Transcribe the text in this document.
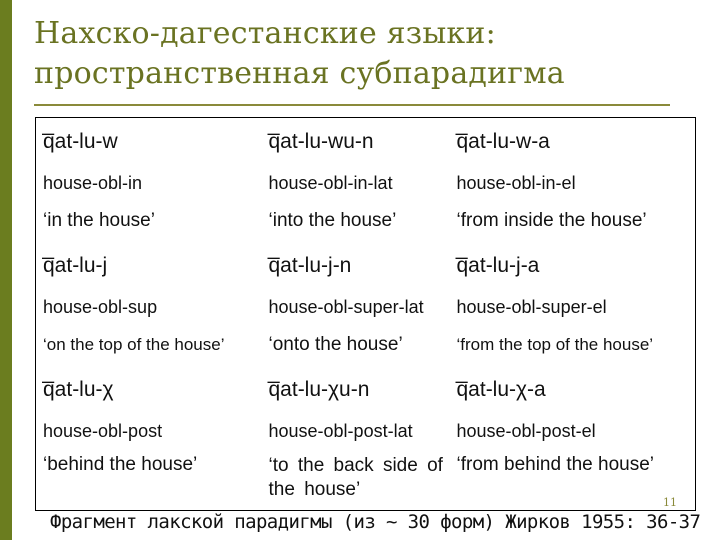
Нахско-дагестанские языки:
пространственная субпарадигма
q̅at-lu-w	q̅at-lu-wu-n	q̅at-lu-w-a
house-obl-in	house-obl-in-lat	house-obl-in-el
‘in the house’	‘into the house’	‘from inside the house’
q̅at-lu-j	q̅at-lu-j-n	q̅at-lu-j-a
house-obl-sup	house-obl-super-lat	house-obl-super-el
‘on the top of the house’	‘onto the house’	‘from the top of the house’
q̅at-lu-χ	q̅at-lu-χu-n	q̅at-lu-χ-a
house-obl-post	house-obl-post-lat	house-obl-post-el
‘behind the house’	‘to the back side of the house’	‘from behind the house’
11
Фрагмент лакской парадигмы (из ~ 30 форм) Жирков 1955: 36-37
